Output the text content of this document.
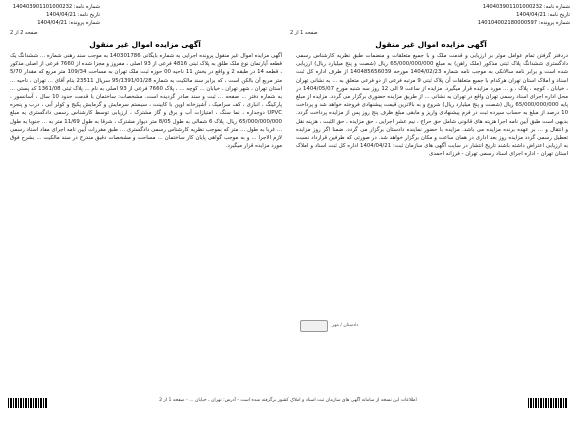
شماره نامه: 140403901101000232
تاریخ نامه: 1404/04/21
شماره پرونده: 1404/04/21
صفحه 2 از 2
آگهی مزایده اموال غیر منقول
شماره نامه: 140403901101000232
تاریخ نامه: 1404/04/21
شماره پرونده: 140104002180000597
صفحه 1 از 2
آگهی مزایده اموال غیر منقول

آگهی مزایده اموال غیر منقول پرونده اجرایی به شماره بایگانی 140301786 به موجب سند رهنی شماره ... ششدانگ یک قطعه آپارتمان نوع ملک طلق به پلاک ثبتی 4816 فرعی از 93 اصلی ، مفروز و مجزا شده از 7660 فرعی از اصلی مذکور ، قطعه 14 در طبقه 2 و واقع در بخش 11 ناحیه 00 حوزه ثبت ملک تهران به مساحت 109/34 متر مربع که مقدار 5/70 متر مربع آن بالکن است ، که برابر سند مالکیت به شماره 95/1391/01/28 سریال 23511 بنام آقای ... تهران ، ناحیه ... استان تهران ، شهر تهران ، خیابان ... کوچه ... ، پلاک 7660 فرعی از 93 اصلی به نام ... پلاک ثبتی 1361/08 کد پستی ... به شماره دفتر ... صفحه ... ثبت و سند صادر گردیده است. مشخصات: ساختمان با قدمت حدود 10 سال ، آسانسور ، پارکینگ ، انباری ، کف سرامیک ، آشپزخانه اوپن با کابینت ، سیستم سرمایش و گرمایش پکیج و کولر آبی ، درب و پنجره UPVC دوجداره ، نما سنگ ، امتیازات آب و برق و گاز مشترک ، ارزیابی توسط کارشناس رسمی دادگستری به مبلغ 65/000/000/000 ریال. پلاک 6 شمالی به طول 8/05 متر دیوار مشترک ، شرقا به طول 11/69 متر به ... جنوبا به طول ... غربا به طول ... متر که بموجب نظریه کارشناس رسمی دادگستری ... طبق مقررات آیین نامه اجرای مفاد اسناد رسمی لازم الاجرا ... و به موجب گواهی پایان کار ساختمان ... مساحت و مشخصات دقیق مندرج در سند مالکیت ... بشرح فوق مورد مزایده قرار میگیرد.

دردفتر گرفتن تمام عوامل موثر بر ارزیابی و قدمت ملک و با جمیع متعلقات و منضمات طبق نظریه کارشناس رسمی دادگستری ششدانگ پلاک ثبتی مذکور (ملک راهن) به مبلغ 65/000/000/000 ریال (شصت و پنج میلیارد ریال) ارزیابی شده است و برابر نامه سالانکی به موجب نامه شماره 1404/02/23 مورخه 140485656039 از طرف اداره کل ثبت اسناد و املاک استان تهران هرکدام با جمیع متعلقات آن پلاک ثبتی 9 مرتبه فرعی از دو فرعی متعلق به ... به نشانی تهران ، خیابان ، کوچه ، پلاک ، و ... مورد مزایده قرار میگیرد. مزایده از ساعت 9 الی 12 روز سه شنبه مورخ 1404/05/07 در محل اداره اجرای اسناد رسمی تهران واقع در تهران به نشانی ... از طریق مزایده حضوری برگزار می گردد. مزایده از مبلغ پایه 65/000/000/000 ریال (شصت و پنج میلیارد ریال) شروع و به بالاترین قیمت پیشنهادی فروخته خواهد شد و پرداخت 10 درصد از مبلغ به حساب سپرده ثبت در فرم پیشنهادی واریز و مابقی مبلغ ظرف پنج روز پس از مزایده پرداخت گردد. بدیهی است طبق آیین نامه اجرا هزینه های قانونی شامل حق حراج ، نیم عشر اجرایی ، حق مزایده ، حق الثبت ، هزینه نقل و انتقال و ... بر عهده برنده مزایده می باشد. مزایده با حضور نماینده دادستان برگزار می گردد. ضمنا اگر روز مزایده تعطیل رسمی گردد مزایده روز بعد اداری در همان ساعت و مکان برگزار خواهد شد. در صورتی که طرفین قرارداد نسبت به ارزیابی اعتراض داشته باشند تاریخ انتشار در سایت آگهی های سازمان ثبت: 1404/04/21 اداره کل ثبت اسناد و املاک استان تهران - اداره اجرای اسناد رسمی تهران - فرزانه احمدی

دادستان / مهر
اطلاعات این نسخه از سامانه آگهی های سازمان ثبت اسناد و املاک کشور برگرفته شده است - آدرس: تهران ، خیابان ... - صفحه 1 از 2
